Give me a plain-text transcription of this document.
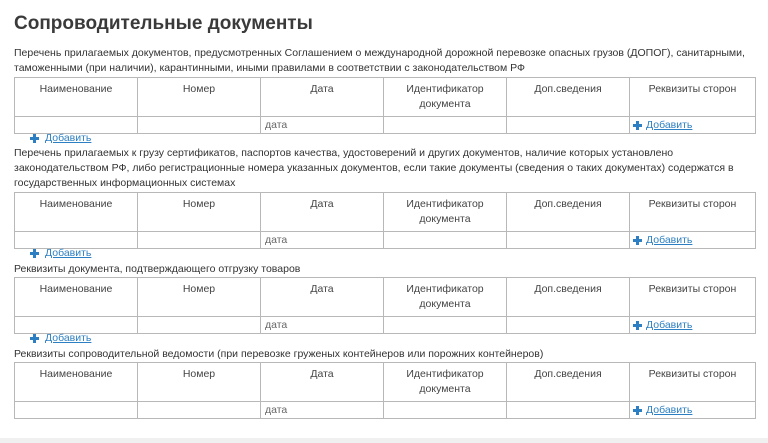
Сопроводительные документы
Перечень прилагаемых документов, предусмотренных Соглашением о международной дорожной перевозке опасных грузов (ДОПОГ), санитарными, таможенными (при наличии), карантинными, иными правилами в соответствии с законодательством РФ
Наименование	Номер	Дата	Идентификатор документа	Доп.сведения	Реквизиты сторон
		дата			Добавить
Добавить
Перечень прилагаемых к грузу сертификатов, паспортов качества, удостоверений и других документов, наличие которых установлено законодательством РФ, либо регистрационные номера указанных документов, если такие документы (сведения о таких документах) содержатся в государственных информационных системах
Наименование	Номер	Дата	Идентификатор документа	Доп.сведения	Реквизиты сторон
		дата			Добавить
Добавить
Реквизиты документа, подтверждающего отгрузку товаров
Наименование	Номер	Дата	Идентификатор документа	Доп.сведения	Реквизиты сторон
		дата			Добавить
Добавить
Реквизиты сопроводительной ведомости (при перевозке груженых контейнеров или порожних контейнеров)
Наименование	Номер	Дата	Идентификатор документа	Доп.сведения	Реквизиты сторон
		дата			Добавить
